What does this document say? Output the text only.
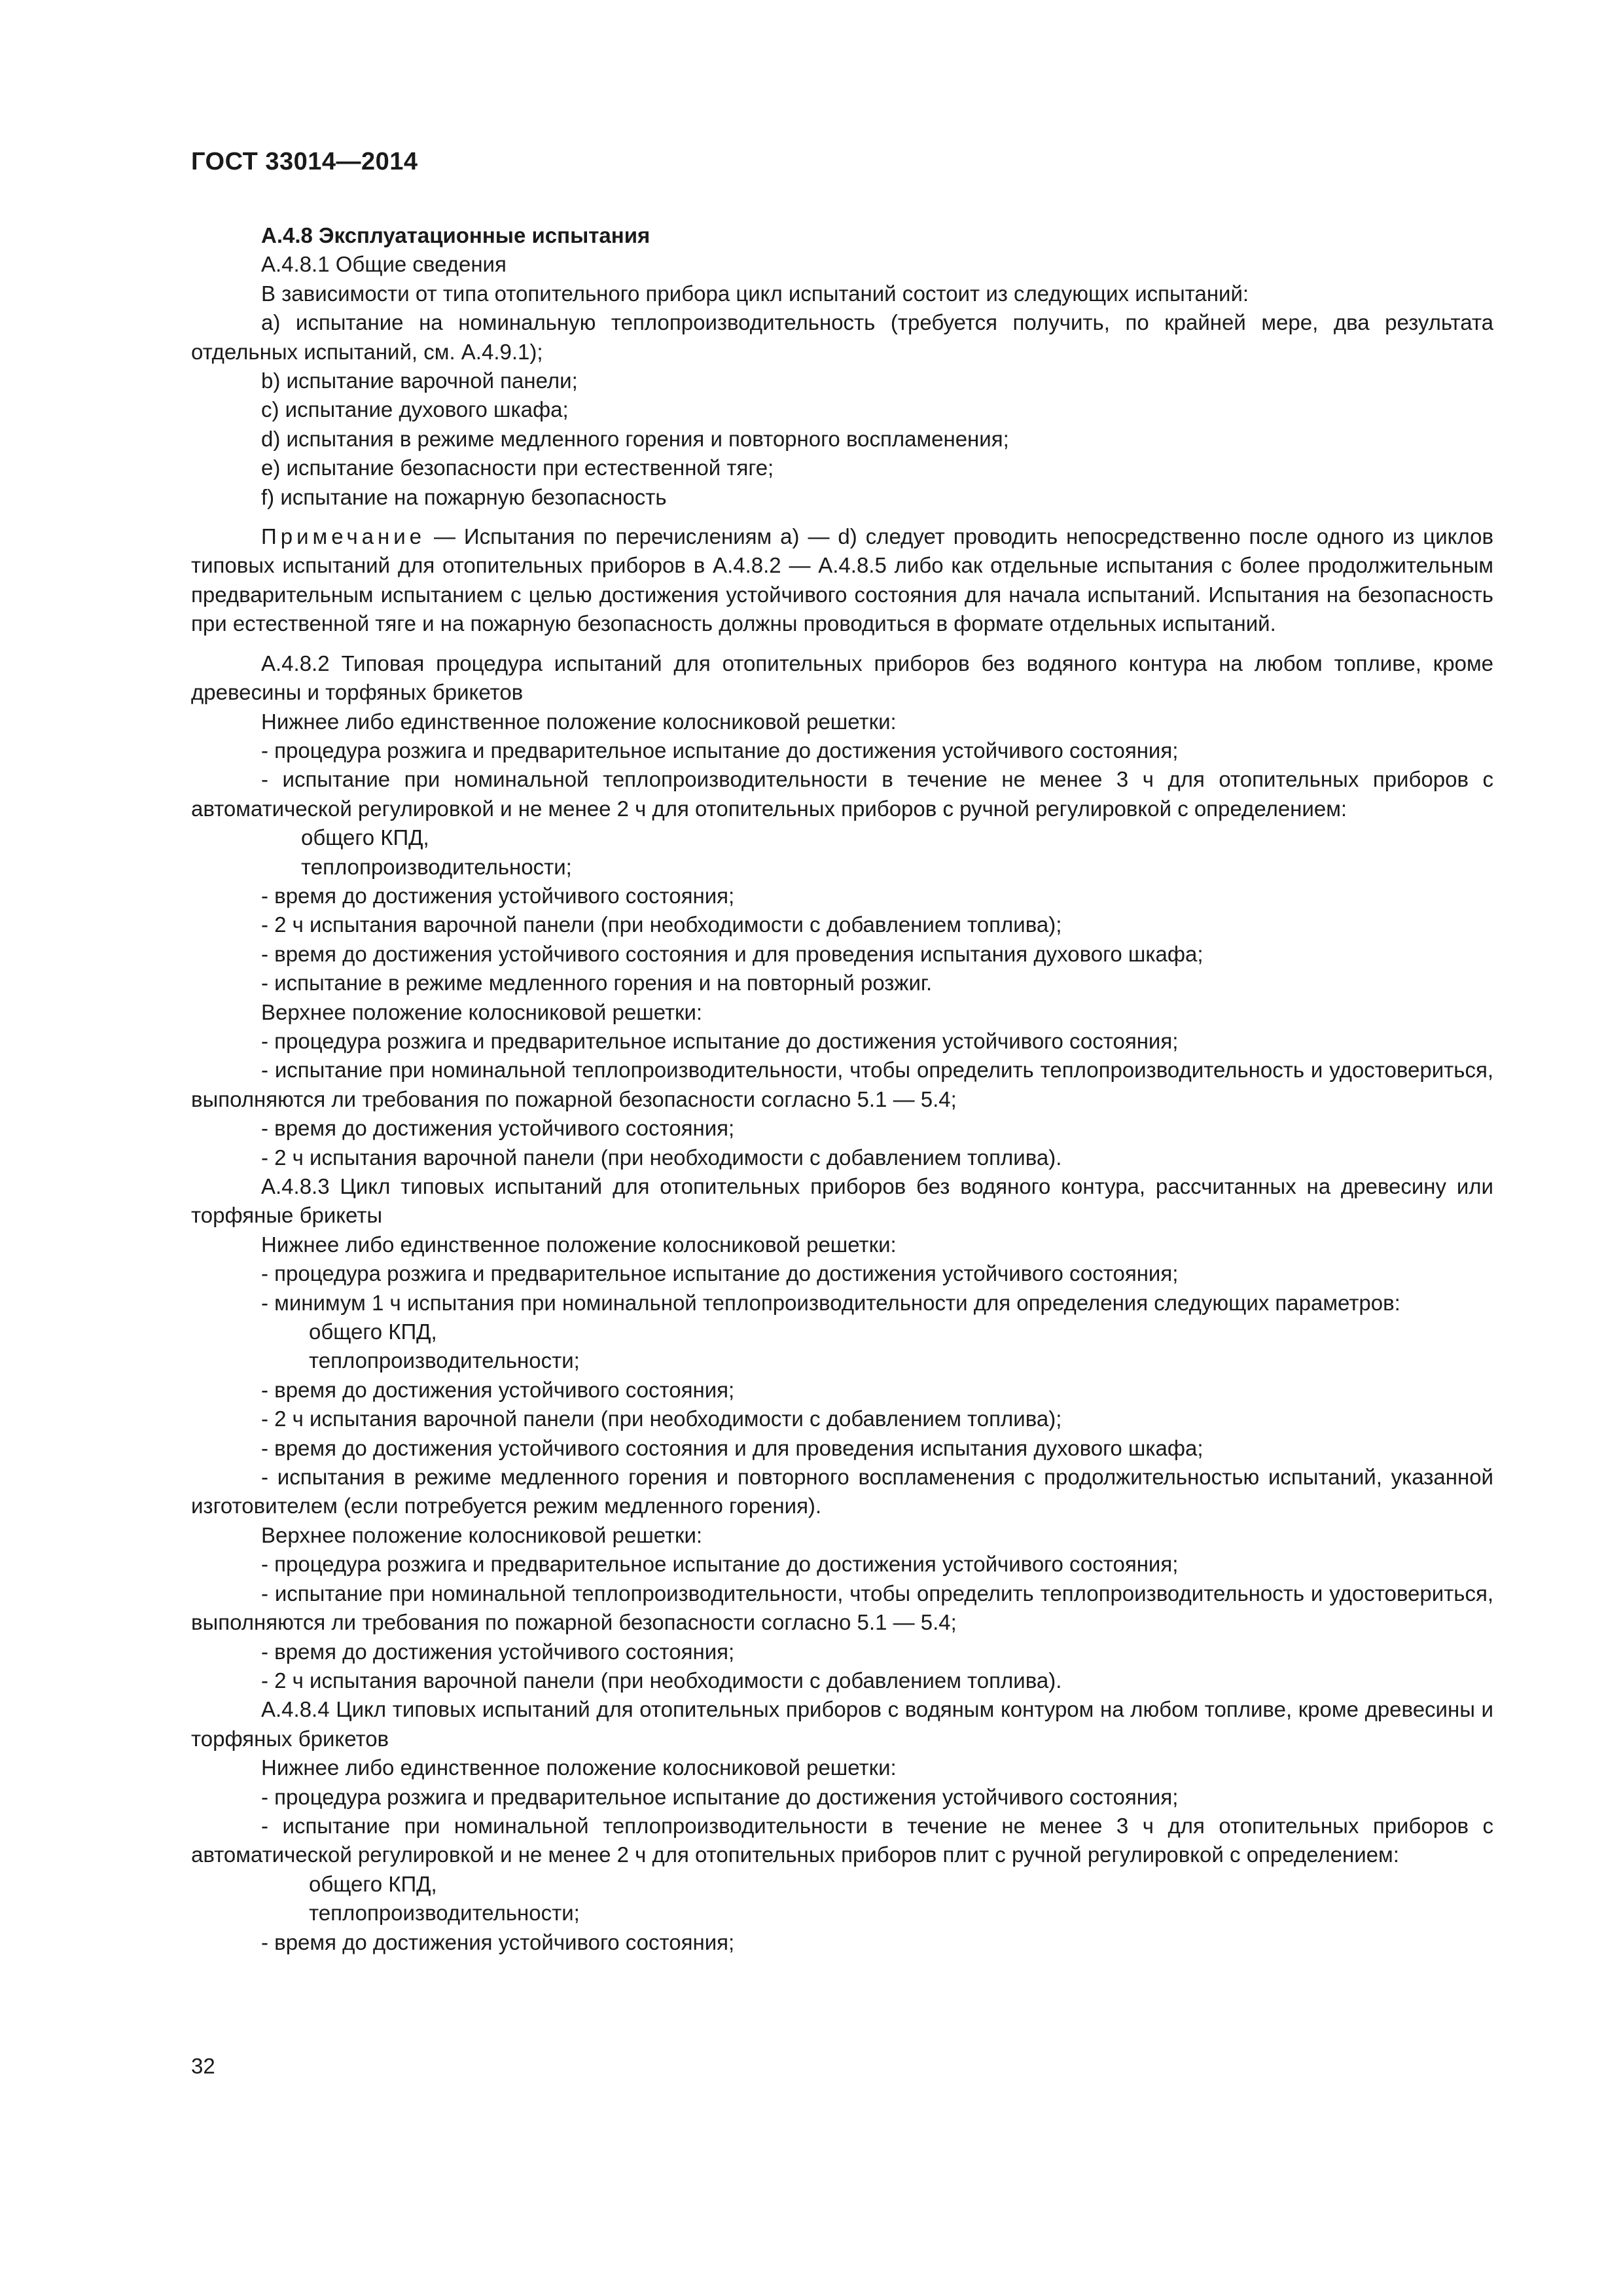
ГОСТ 33014—2014

А.4.8 Эксплуатационные испытания

А.4.8.1 Общие сведения

В зависимости от типа отопительного прибора цикл испытаний состоит из следующих испытаний:

а) испытание на номинальную теплопроизводительность (требуется получить, по крайней мере, два результата отдельных испытаний, см. А.4.9.1);

b) испытание варочной панели;

с) испытание духового шкафа;

d) испытания в режиме медленного горения и повторного воспламенения;

e) испытание безопасности при естественной тяге;

f) испытание на пожарную безопасность

Примечание — Испытания по перечислениям а) — d) следует проводить непосредственно после одного из циклов типовых испытаний для отопительных приборов в А.4.8.2 — А.4.8.5 либо как отдельные испытания с более продолжительным предварительным испытанием с целью достижения устойчивого состояния для начала испытаний. Испытания на безопасность при естественной тяге и на пожарную безопасность должны проводиться в формате отдельных испытаний.

А.4.8.2 Типовая процедура испытаний для отопительных приборов без водяного контура на любом топливе, кроме древесины и торфяных брикетов

Нижнее либо единственное положение колосниковой решетки:

- процедура розжига и предварительное испытание до достижения устойчивого состояния;

- испытание при номинальной теплопроизводительности в течение не менее 3 ч для отопительных приборов с автоматической регулировкой и не менее 2 ч для отопительных приборов с ручной регулировкой с определением:

общего КПД,

теплопроизводительности;

- время до достижения устойчивого состояния;

- 2 ч испытания варочной панели (при необходимости с добавлением топлива);

- время до достижения устойчивого состояния и для проведения испытания духового шкафа;

- испытание в режиме медленного горения и на повторный розжиг.

Верхнее положение колосниковой решетки:

- процедура розжига и предварительное испытание до достижения устойчивого состояния;

- испытание при номинальной теплопроизводительности, чтобы определить теплопроизводительность и удостовериться, выполняются ли требования по пожарной безопасности согласно 5.1 — 5.4;

- время до достижения устойчивого состояния;

- 2 ч испытания варочной панели (при необходимости с добавлением топлива).

А.4.8.3 Цикл типовых испытаний для отопительных приборов без водяного контура, рассчитанных на древесину или торфяные брикеты

Нижнее либо единственное положение колосниковой решетки:

- процедура розжига и предварительное испытание до достижения устойчивого состояния;

- минимум 1 ч испытания при номинальной теплопроизводительности для определения следующих параметров:

общего КПД,

теплопроизводительности;

- время до достижения устойчивого состояния;

- 2 ч испытания варочной панели (при необходимости с добавлением топлива);

- время до достижения устойчивого состояния и для проведения испытания духового шкафа;

- испытания в режиме медленного горения и повторного воспламенения с продолжительностью испытаний, указанной изготовителем (если потребуется режим медленного горения).

Верхнее положение колосниковой решетки:

- процедура розжига и предварительное испытание до достижения устойчивого состояния;

- испытание при номинальной теплопроизводительности, чтобы определить теплопроизводительность и удостовериться, выполняются ли требования по пожарной безопасности согласно 5.1 — 5.4;

- время до достижения устойчивого состояния;

- 2 ч испытания варочной панели (при необходимости с добавлением топлива).

А.4.8.4 Цикл типовых испытаний для отопительных приборов с водяным контуром на любом топливе, кроме древесины и торфяных брикетов

Нижнее либо единственное положение колосниковой решетки:

- процедура розжига и предварительное испытание до достижения устойчивого состояния;

- испытание при номинальной теплопроизводительности в течение не менее 3 ч для отопительных приборов с автоматической регулировкой и не менее 2 ч для отопительных приборов плит с ручной регулировкой с определением:

общего КПД,

теплопроизводительности;

- время до достижения устойчивого состояния;

32
